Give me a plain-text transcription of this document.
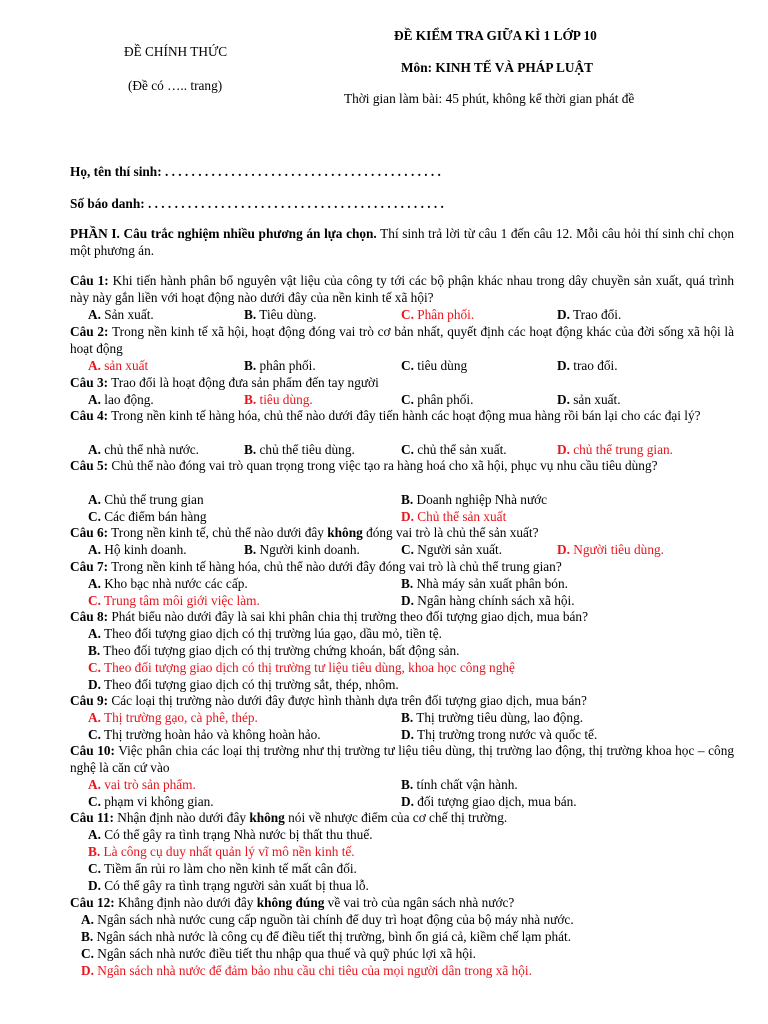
ĐỀ CHÍNH THỨC
(Đề có ….. trang)
ĐỀ KIỂM TRA GIỮA KÌ 1 LỚP 10
Môn: KINH TẾ VÀ PHÁP LUẬT
Thời gian làm bài: 45 phút, không kể thời gian phát đề
Họ, tên thí sinh: . . . . . . . . . . . . . . . . . . . . . . . . . . . . . . . . . . . . . . . . . .
Số báo danh: . . . . . . . . . . . . . . . . . . . . . . . . . . . . . . . . . . . . . . . . . . . . .
PHẦN I. Câu trắc nghiệm nhiều phương án lựa chọn. Thí sinh trả lời từ câu 1 đến câu 12. Mỗi câu hỏi thí sinh chỉ chọn một phương án.
Câu 1: Khi tiến hành phân bổ nguyên vật liệu của công ty tới các bộ phận khác nhau trong dây chuyền sản xuất, quá trình này này gắn liền với hoạt động nào dưới đây của nền kinh tế xã hội?
A. Sản xuất.	B. Tiêu dùng.	C. Phân phối.	D. Trao đổi.
Câu 2: Trong nền kinh tế xã hội, hoạt động đóng vai trò cơ bản nhất, quyết định các hoạt động khác của đời sống xã hội là hoạt động
A. sản xuất	B. phân phối.	C. tiêu dùng	D. trao đổi.
Câu 3: Trao đổi là hoạt động đưa sản phẩm đến tay người
A. lao động.	B. tiêu dùng.	C. phân phối.	D. sản xuất.
Câu 4: Trong nền kinh tế hàng hóa, chủ thể nào dưới đây tiến hành các hoạt động mua hàng rồi bán lại cho các đại lý?
A. chủ thể nhà nước.	B. chủ thể tiêu dùng.	C. chủ thể sản xuất.	D. chủ thể trung gian.
Câu 5: Chủ thể nào đóng vai trò quan trọng trong việc tạo ra hàng hoá cho xã hội, phục vụ nhu cầu tiêu dùng?
A. Chủ thể trung gian	B. Doanh nghiệp Nhà nước
C. Các điểm bán hàng	D. Chủ thể sản xuất
Câu 6: Trong nền kinh tế, chủ thể nào dưới đây không đóng vai trò là chủ thể sản xuất?
A. Hộ kinh doanh.	B. Người kinh doanh.	C. Người sản xuất.	D. Người tiêu dùng.
Câu 7: Trong nền kinh tế hàng hóa, chủ thể nào dưới đây đóng vai trò là chủ thể trung gian?
A. Kho bạc nhà nước các cấp.	B. Nhà máy sản xuất phân bón.
C. Trung tâm môi giới việc làm.	D. Ngân hàng chính sách xã hội.
Câu 8: Phát biểu nào dưới đây là sai khi phân chia thị trường theo đối tượng giao dịch, mua bán?
A. Theo đối tượng giao dịch có thị trường lúa gạo, dầu mỏ, tiền tệ.
B. Theo đối tượng giao dịch có thị trường chứng khoán, bất động sản.
C. Theo đối tượng giao dịch có thị trường tư liệu tiêu dùng, khoa học công nghệ
D. Theo đối tượng giao dịch có thị trường sắt, thép, nhôm.
Câu 9: Các loại thị trường nào dưới đây được hình thành dựa trên đối tượng giao dịch, mua bán?
A. Thị trường gạo, cà phê, thép.	B. Thị trường tiêu dùng, lao động.
C. Thị trường hoàn hảo và không hoàn hảo.	D. Thị trường trong nước và quốc tế.
Câu 10: Việc phân chia các loại thị trường như thị trường tư liệu tiêu dùng, thị trường lao động, thị trường khoa học – công nghệ là căn cứ vào
A. vai trò sản phẩm.	B. tính chất vận hành.
C. phạm vi không gian.	D. đối tượng giao dịch, mua bán.
Câu 11: Nhận định nào dưới đây không nói về nhược điểm của cơ chế thị trường.
A. Có thể gây ra tình trạng Nhà nước bị thất thu thuế.
B. Là công cụ duy nhất quản lý vĩ mô nền kinh tế.
C. Tiềm ẩn rủi ro làm cho nền kinh tế mất cân đối.
D. Có thể gây ra tình trạng người sản xuất bị thua lỗ.
Câu 12: Khẳng định nào dưới đây không đúng về vai trò của ngân sách nhà nước?
A. Ngân sách nhà nước cung cấp nguồn tài chính để duy trì hoạt động của bộ máy nhà nước.
B. Ngân sách nhà nước là công cụ để điều tiết thị trường, bình ổn giá cả, kiềm chế lạm phát.
C. Ngân sách nhà nước điều tiết thu nhập qua thuế và quỹ phúc lợi xã hội.
D. Ngân sách nhà nước để đảm bảo nhu cầu chi tiêu của mọi người dân trong xã hội.
